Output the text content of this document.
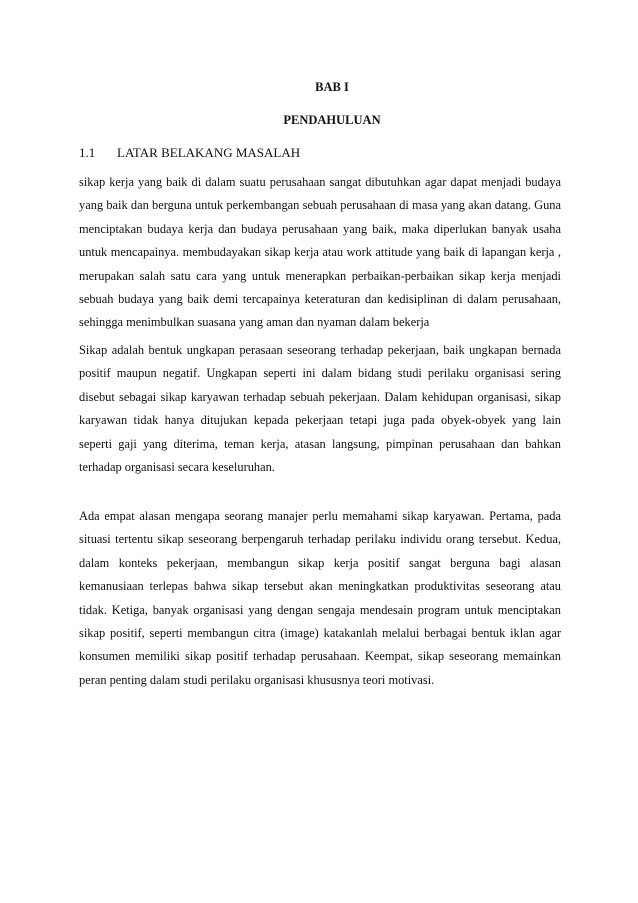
BAB I
PENDAHULUAN
1.1 LATAR BELAKANG MASALAH

sikap kerja yang baik di dalam suatu perusahaan sangat dibutuhkan agar dapat menjadi budaya yang baik dan berguna untuk perkembangan sebuah perusahaan di masa yang akan datang. Guna menciptakan budaya kerja dan budaya perusahaan yang baik, maka diperlukan banyak usaha untuk mencapainya. membudayakan sikap kerja atau work attitude yang baik di lapangan kerja , merupakan salah satu cara yang untuk menerapkan perbaikan-perbaikan sikap kerja menjadi sebuah budaya yang baik demi tercapainya keteraturan dan kedisiplinan di dalam perusahaan, sehingga menimbulkan suasana yang aman dan nyaman dalam bekerja

Sikap adalah bentuk ungkapan perasaan seseorang terhadap pekerjaan, baik ungkapan bernada positif maupun negatif. Ungkapan seperti ini dalam bidang studi perilaku organisasi sering disebut sebagai sikap karyawan terhadap sebuah pekerjaan. Dalam kehidupan organisasi, sikap karyawan tidak hanya ditujukan kepada pekerjaan tetapi juga pada obyek-obyek yang lain seperti gaji yang diterima, teman kerja, atasan langsung, pimpinan perusahaan dan bahkan terhadap organisasi secara keseluruhan.

Ada empat alasan mengapa seorang manajer perlu memahami sikap karyawan. Pertama, pada situasi tertentu sikap seseorang berpengaruh terhadap perilaku individu orang tersebut. Kedua, dalam konteks pekerjaan, membangun sikap kerja positif sangat berguna bagi alasan kemanusiaan terlepas bahwa sikap tersebut akan meningkatkan produktivitas seseorang atau tidak. Ketiga, banyak organisasi yang dengan sengaja mendesain program untuk menciptakan sikap positif, seperti membangun citra (image) katakanlah melalui berbagai bentuk iklan agar konsumen memiliki sikap positif terhadap perusahaan. Keempat, sikap seseorang memainkan peran penting dalam studi perilaku organisasi khususnya teori motivasi.
